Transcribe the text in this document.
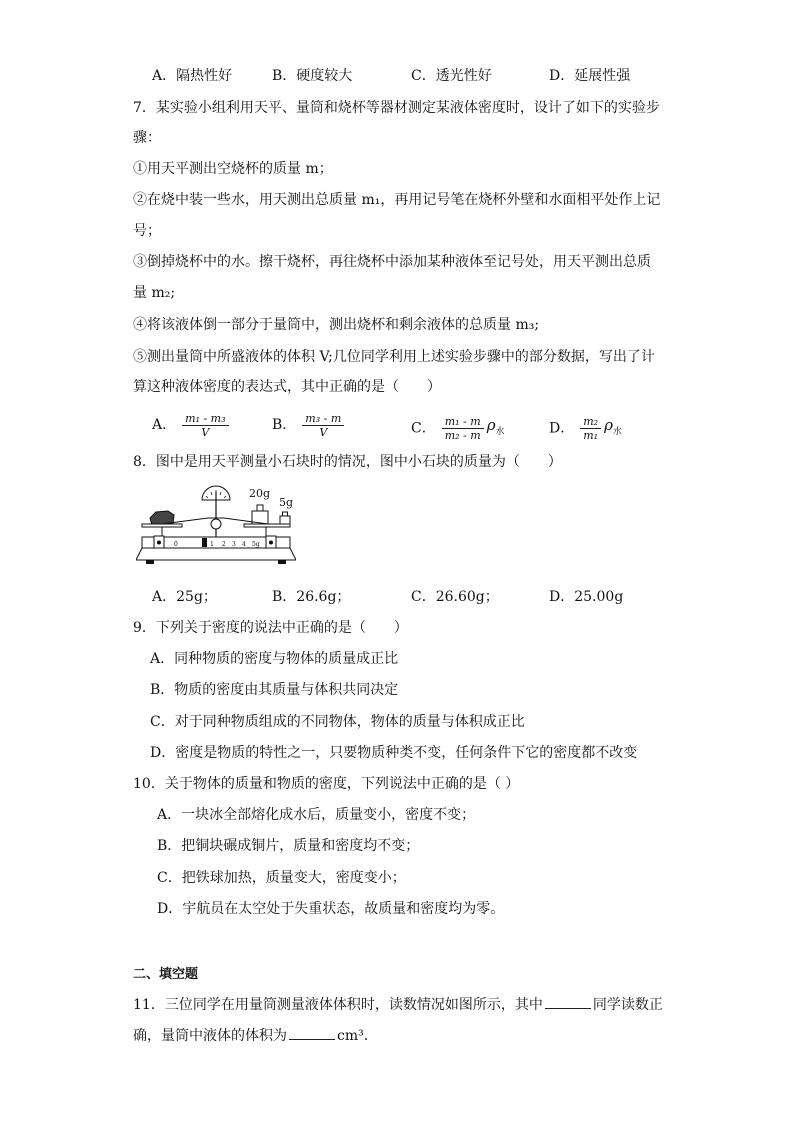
A．隔热性好	B．硬度较大	C．透光性好	D．延展性强
7．某实验小组利用天平、量筒和烧杯等器材测定某液体密度时，设计了如下的实验步
骤：
①用天平测出空烧杯的质量 m；
②在烧中装一些水，用天测出总质量 m₁，再用记号笔在烧杯外壁和水面相平处作上记
号；
③倒掉烧杯中的水。擦干烧杯，再往烧杯中添加某种液体至记号处，用天平测出总质
量 m₂;
④将该液体倒一部分于量筒中，测出烧杯和剩余液体的总质量 m₃;
⑤测出量筒中所盛液体的体积 V;几位同学利用上述实验步骤中的部分数据，写出了计
算这种液体密度的表达式，其中正确的是（　　）
A． $\frac{\text{m₁ - m₃}}{V}$	B． $\frac{\text{m₃ - m}}{V}$	C． $\frac{\text{m₁ - m}}{\text{m₂ - m}} \rho_水$	D． $\frac{\text{m₂}}{\text{m₁}} \rho_水$
8．图中是用天平测量小石块时的情况，图中小石块的质量为（　　）
20g
5g
0	1 2 3 4 5g
A．25g；	B．26.6g；	C．26.60g；	D．25.00g
9．下列关于密度的说法中正确的是（　　）
A．同种物质的密度与物体的质量成正比
B．物质的密度由其质量与体积共同决定
C．对于同种物质组成的不同物体，物体的质量与体积成正比
D．密度是物质的特性之一，只要物质种类不变，任何条件下它的密度都不改变
10．关于物体的质量和物质的密度，下列说法中正确的是（ ）
A．一块冰全部熔化成水后，质量变小，密度不变；
B．把铜块碾成铜片，质量和密度均不变；
C．把铁球加热，质量变大，密度变小；
D．宇航员在太空处于失重状态，故质量和密度均为零。
二、填空题
11．三位同学在用量筒测量液体体积时，读数情况如图所示，其中	同学读数正
确，量筒中液体的体积为	cm³．
